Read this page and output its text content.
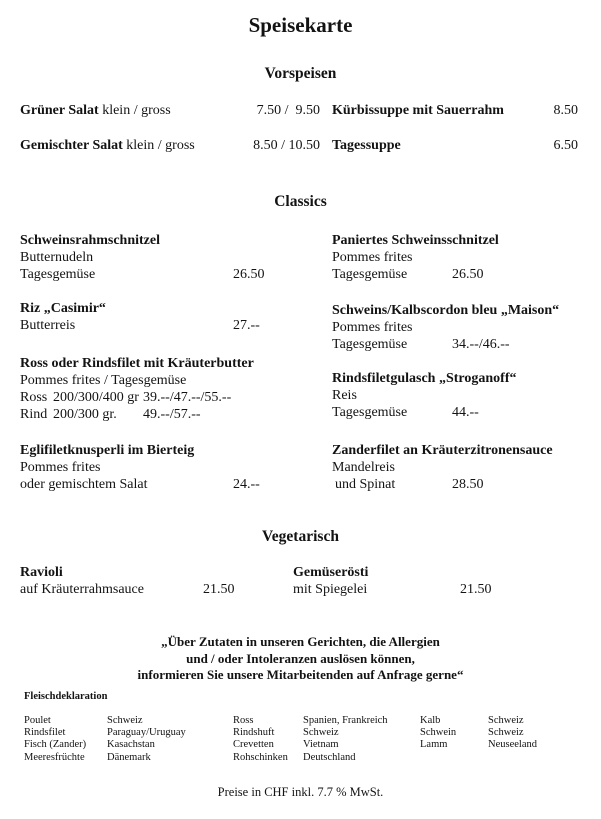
Speisekarte
Vorspeisen
Grüner Salat klein / gross	7.50 /  9.50 Kürbissuppe mit Sauerrahm	8.50
Gemischter Salat klein / gross	8.50 / 10.50 Tagessuppe	6.50
Classics
Schweinsrahmschnitzel
Butternudeln
Tagesgemüse	26.50
Riz „Casimir“
Butterreis	27.--
Ross oder Rindsfilet mit Kräuterbutter
Pommes frites / Tagesgemüse
Ross 200/300/400 gr 39.--/47.--/55.--
Rind 200/300 gr. 49.--/57.--
Eglifiletknusperli im Bierteig
Pommes frites
oder gemischtem Salat	24.--
Paniertes Schweinsschnitzel
Pommes frites
Tagesgemüse	26.50
Schweins/Kalbscordon bleu „Maison“
Pommes frites
Tagesgemüse	34.--/46.--
Rindsfiletgulasch „Stroganoff“
Reis
Tagesgemüse	44.--
Zanderfilet an Kräuterzitronensauce
Mandelreis
und Spinat	28.50
Vegetarisch
Ravioli
auf Kräuterrahmsauce	21.50
Gemüserösti
mit Spiegelei	21.50
„Über Zutaten in unseren Gerichten, die Allergien
und / oder Intoleranzen auslösen können,
informieren Sie unsere Mitarbeitenden auf Anfrage gerne“
Fleischdeklaration
Poulet	Schweiz
Rindsfilet	Paraguay/Uruguay
Fisch (Zander) Kasachstan
Meeresfrüchte Dänemark
Ross	Spanien, Frankreich
Rindshuft	Schweiz
Crevetten	Vietnam
Rohschinken Deutschland
Kalb	Schweiz
Schwein	Schweiz
Lamm	Neuseeland
Preise in CHF inkl. 7.7 % MwSt.
